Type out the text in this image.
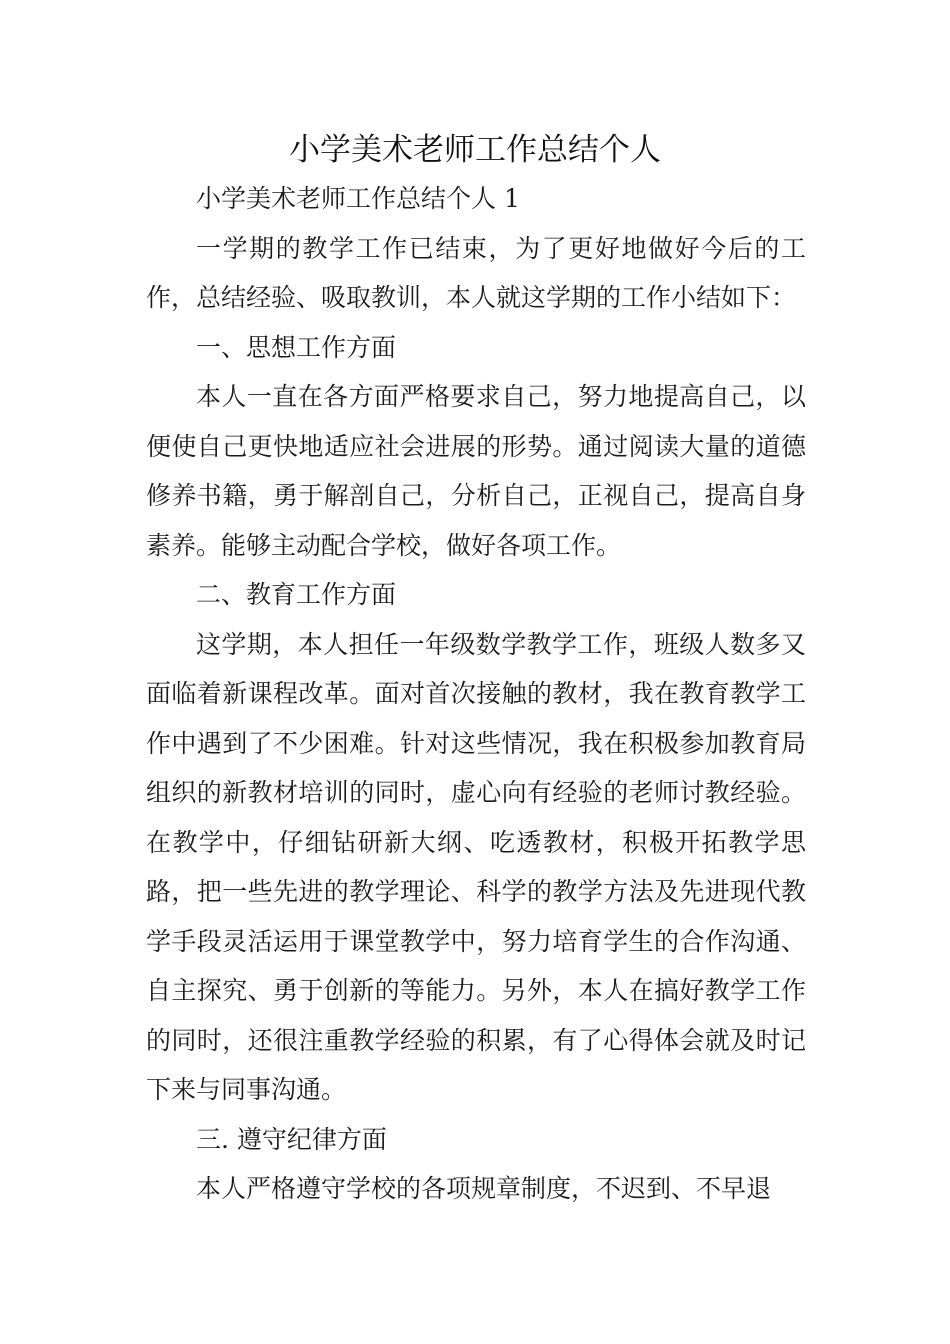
小学美术老师工作总结个人

小学美术老师工作总结个人 1

一学期的教学工作已结束，为了更好地做好今后的工作，总结经验、吸取教训，本人就这学期的工作小结如下：

一、思想工作方面

本人一直在各方面严格要求自己，努力地提高自己，以便使自己更快地适应社会进展的形势。通过阅读大量的道德修养书籍，勇于解剖自己，分析自己，正视自己，提高自身素养。能够主动配合学校，做好各项工作。

二、教育工作方面

这学期，本人担任一年级数学教学工作，班级人数多又面临着新课程改革。面对首次接触的教材，我在教育教学工作中遇到了不少困难。针对这些情况，我在积极参加教育局组织的新教材培训的同时，虚心向有经验的老师讨教经验。在教学中，仔细钻研新大纲、吃透教材，积极开拓教学思路，把一些先进的教学理论、科学的教学方法及先进现代教学手段灵活运用于课堂教学中，努力培育学生的合作沟通、自主探究、勇于创新的等能力。另外，本人在搞好教学工作的同时，还很注重教学经验的积累，有了心得体会就及时记下来与同事沟通。

三. 遵守纪律方面

本人严格遵守学校的各项规章制度，不迟到、不早退
